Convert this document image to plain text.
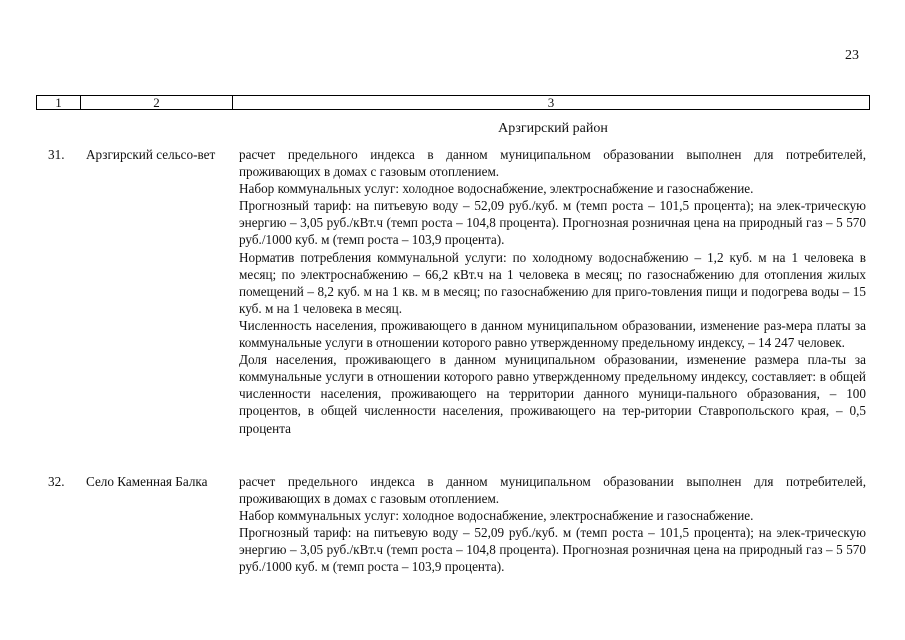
23
1	2	3
Арзгирский район
31. Арзгирский сельсо-вет	расчет предельного индекса в данном муниципальном образовании выполнен для потребителей, проживающих в домах с газовым отоплением.

Набор коммунальных услуг: холодное водоснабжение, электроснабжение и газоснабжение.

Прогнозный тариф: на питьевую воду – 52,09 руб./куб. м (темп роста – 101,5 процента); на элек-трическую энергию – 3,05 руб./кВт.ч (темп роста – 104,8 процента). Прогнозная розничная цена на природный газ – 5 570 руб./1000 куб. м (темп роста – 103,9 процента).

Норматив потребления коммунальной услуги: по холодному водоснабжению – 1,2 куб. м на 1 человека в месяц; по электроснабжению – 66,2 кВт.ч на 1 человека в месяц; по газоснабжению для отопления жилых помещений – 8,2 куб. м на 1 кв. м в месяц; по газоснабжению для приго-товления пищи и подогрева воды – 15 куб. м на 1 человека в месяц.

Численность населения, проживающего в данном муниципальном образовании, изменение раз-мера платы за коммунальные услуги в отношении которого равно утвержденному предельному индексу, – 14 247 человек.

Доля населения, проживающего в данном муниципальном образовании, изменение размера пла-ты за коммунальные услуги в отношении которого равно утвержденному предельному индексу, составляет: в общей численности населения, проживающего на территории данного муници-пального образования, – 100 процентов, в общей численности населения, проживающего на тер-ритории Ставропольского края, – 0,5 процента

32. Село Каменная Балка	расчет предельного индекса в данном муниципальном образовании выполнен для потребителей, проживающих в домах с газовым отоплением.

Набор коммунальных услуг: холодное водоснабжение, электроснабжение и газоснабжение.

Прогнозный тариф: на питьевую воду – 52,09 руб./куб. м (темп роста – 101,5 процента); на элек-трическую энергию – 3,05 руб./кВт.ч (темп роста – 104,8 процента). Прогнозная розничная цена на природный газ – 5 570 руб./1000 куб. м (темп роста – 103,9 процента).
